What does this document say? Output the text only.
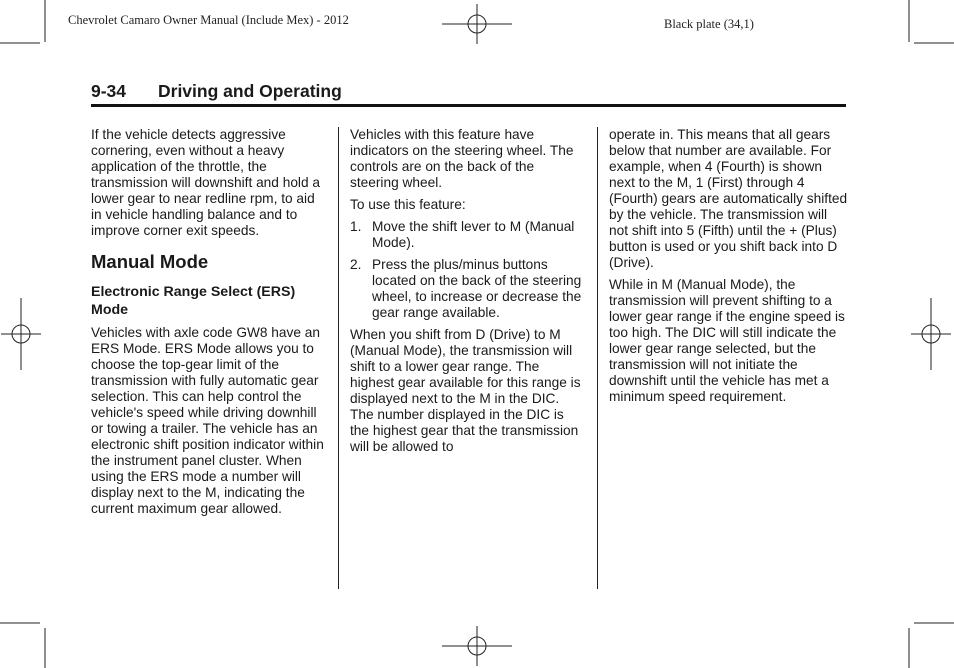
Chevrolet Camaro Owner Manual (Include Mex) - 2012	Black plate (34,1)
9-34 Driving and Operating

If the vehicle detects aggressive cornering, even without a heavy application of the throttle, the transmission will downshift and hold a lower gear to near redline rpm, to aid in vehicle handling balance and to improve corner exit speeds.

Manual Mode
Electronic Range Select (ERS) Mode

Vehicles with axle code GW8 have an ERS Mode. ERS Mode allows you to choose the top-gear limit of the transmission with fully automatic gear selection. This can help control the vehicle's speed while driving downhill or towing a trailer. The vehicle has an electronic shift position indicator within the instrument panel cluster. When using the ERS mode a number will display next to the M, indicating the current maximum gear allowed.

Vehicles with this feature have indicators on the steering wheel. The controls are on the back of the steering wheel.

To use this feature:

1. Move the shift lever to M (Manual Mode).
2. Press the plus/minus buttons located on the back of the steering wheel, to increase or decrease the gear range available.

When you shift from D (Drive) to M (Manual Mode), the transmission will shift to a lower gear range. The highest gear available for this range is displayed next to the M in the DIC. The number displayed in the DIC is the highest gear that the transmission will be allowed to

operate in. This means that all gears below that number are available. For example, when 4 (Fourth) is shown next to the M, 1 (First) through 4 (Fourth) gears are automatically shifted by the vehicle. The transmission will not shift into 5 (Fifth) until the + (Plus) button is used or you shift back into D (Drive).

While in M (Manual Mode), the transmission will prevent shifting to a lower gear range if the engine speed is too high. The DIC will still indicate the lower gear range selected, but the transmission will not initiate the downshift until the vehicle has met a minimum speed requirement.
